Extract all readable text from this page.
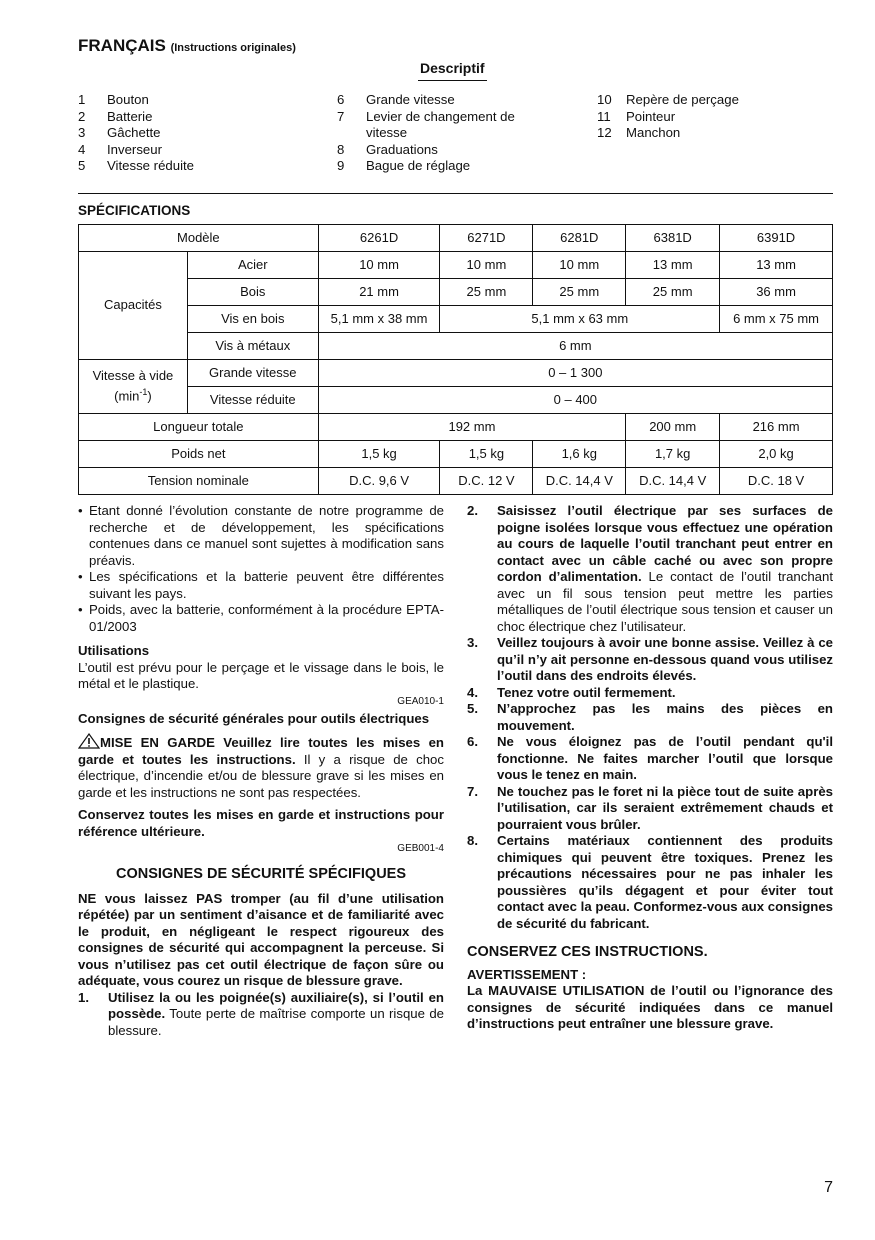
FRANÇAIS (Instructions originales)
Descriptif
1	Bouton
2	Batterie
3	Gâchette
4	Inverseur
5	Vitesse réduite
6	Grande vitesse
7	Levier de changement de vitesse
8	Graduations
9	Bague de réglage
10	Repère de perçage
11	Pointeur
12	Manchon
SPÉCIFICATIONS
Modèle		6261D	6271D	6281D	6381D	6391D
Capacités	Acier	10 mm	10 mm	10 mm	13 mm	13 mm
	Bois	21 mm	25 mm	25 mm	25 mm	36 mm
	Vis en bois	5,1 mm x 38 mm	5,1 mm x 63 mm			6 mm x 75 mm
	Vis à métaux	6 mm				
Vitesse à vide
$(\min^{-1})$	Grande vitesse	0 – 1 300				
	Vitesse réduite	0 – 400				
Longueur totale		192 mm			200 mm	216 mm
Poids net		1,5 kg	1,5 kg	1,6 kg	1,7 kg	2,0 kg
Tension nominale		D.C. 9,6 V	D.C. 12 V	D.C. 14,4 V	D.C. 14,4 V	D.C. 18 V
• Etant donné l’évolution constante de notre programme de recherche et de développement, les spécifications contenues dans ce manuel sont sujettes à modification sans préavis.
• Les spécifications et la batterie peuvent être différentes suivant les pays.
• Poids, avec la batterie, conformément à la procédure EPTA-01/2003

Utilisations

L’outil est prévu pour le perçage et le vissage dans le bois, le métal et le plastique.

GEA010-1

Consignes de sécurité générales pour outils électriques

MISE EN GARDE Veuillez lire toutes les mises en garde et toutes les instructions. Il y a risque de choc électrique, d’incendie et/ou de blessure grave si les mises en garde et les instructions ne sont pas respectées.

Conservez toutes les mises en garde et instructions pour référence ultérieure.

GEB001-4
CONSIGNES DE SÉCURITÉ SPÉCIFIQUES

NE vous laissez PAS tromper (au fil d’une utilisation répétée) par un sentiment d’aisance et de familiarité avec le produit, en négligeant le respect rigoureux des consignes de sécurité qui accompagnent la perceuse. Si vous n’utilisez pas cet outil électrique de façon sûre ou adéquate, vous courez un risque de blessure grave.

1.	Utilisez la ou les poignée(s) auxiliaire(s), si l’outil en possède. Toute perte de maîtrise comporte un risque de blessure.
2.	Saisissez l’outil électrique par ses surfaces de poigne isolées lorsque vous effectuez une opération au cours de laquelle l’outil tranchant peut entrer en contact avec un câble caché ou avec son propre cordon d’alimentation. Le contact de l’outil tranchant avec un fil sous tension peut mettre les parties métalliques de l’outil électrique sous tension et causer un choc électrique chez l’utilisateur.
3.	Veillez toujours à avoir une bonne assise. Veillez à ce qu’il n’y ait personne en-dessous quand vous utilisez l’outil dans des endroits élevés.
4.	Tenez votre outil fermement.
5.	N’approchez pas les mains des pièces en mouvement.
6.	Ne vous éloignez pas de l’outil pendant qu'il fonctionne. Ne faites marcher l’outil que lorsque vous le tenez en main.
7.	Ne touchez pas le foret ni la pièce tout de suite après l’utilisation, car ils seraient extrêmement chauds et pourraient vous brûler.
8.	Certains matériaux contiennent des produits chimiques qui peuvent être toxiques. Prenez les précautions nécessaires pour ne pas inhaler les poussières qu’ils dégagent et pour éviter tout contact avec la peau. Conformez-vous aux consignes de sécurité du fabricant.
CONSERVEZ CES INSTRUCTIONS.

AVERTISSEMENT :

La MAUVAISE UTILISATION de l’outil ou l’ignorance des consignes de sécurité indiquées dans ce manuel d’instructions peut entraîner une blessure grave.

7
